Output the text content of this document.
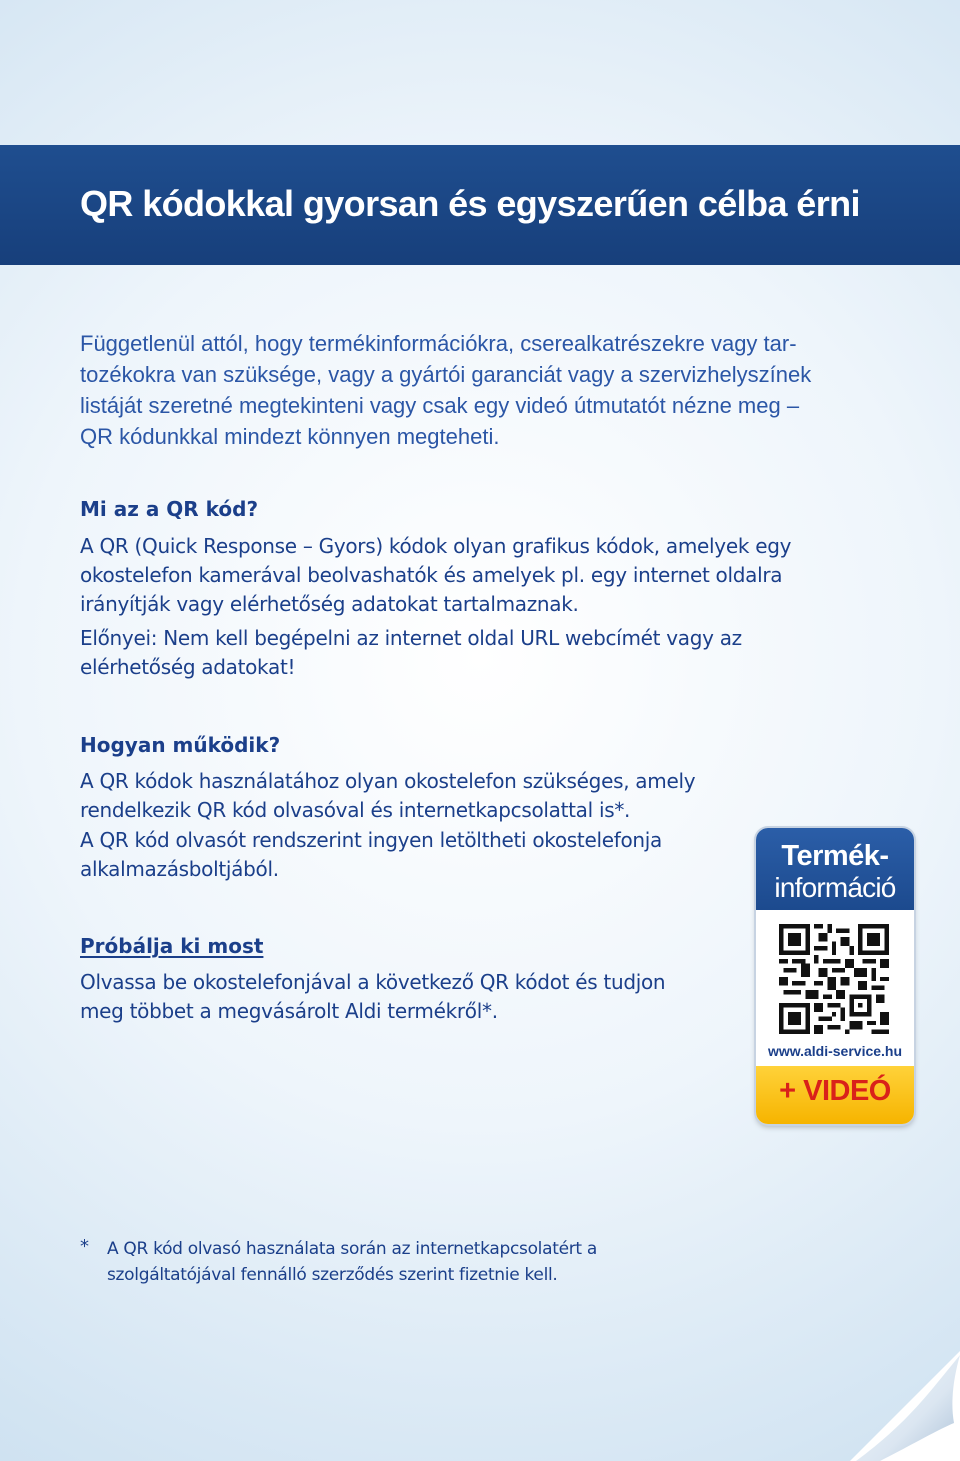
QR kódokkal gyorsan és egyszerűen célba érni

Függetlenül attól, hogy termékinformációkra, cserealkatrészekre vagy tar-
tozékokra van szüksége, vagy a gyártói garanciát vagy a szervizhelyszínek
listáját szeretné megtekinteni vagy csak egy videó útmutatót nézne meg –
QR kódunkkal mindezt könnyen megteheti.

Mi az a QR kód?

A QR (Quick Response – Gyors) kódok olyan grafikus kódok, amelyek egy
okostelefon kamerával beolvashatók és amelyek pl. egy internet oldalra
irányítják vagy elérhetőség adatokat tartalmaznak.

Előnyei: Nem kell begépelni az internet oldal URL webcímét vagy az
elérhetőség adatokat!

Hogyan működik?

A QR kódok használatához olyan okostelefon szükséges, amely
rendelkezik QR kód olvasóval és internetkapcsolattal is*.

A QR kód olvasót rendszerint ingyen letöltheti okostelefonja
alkalmazásboltjából.

Próbálja ki most

Olvassa be okostelefonjával a következő QR kódot és tudjon
meg többet a megvásárolt Aldi termékről*.

Termék-
információ
www.aldi-service.hu
+ VIDEÓ
* A QR kód olvasó használata során az internetkapcsolatért a
szolgáltatójával fennálló szerződés szerint fizetnie kell.
